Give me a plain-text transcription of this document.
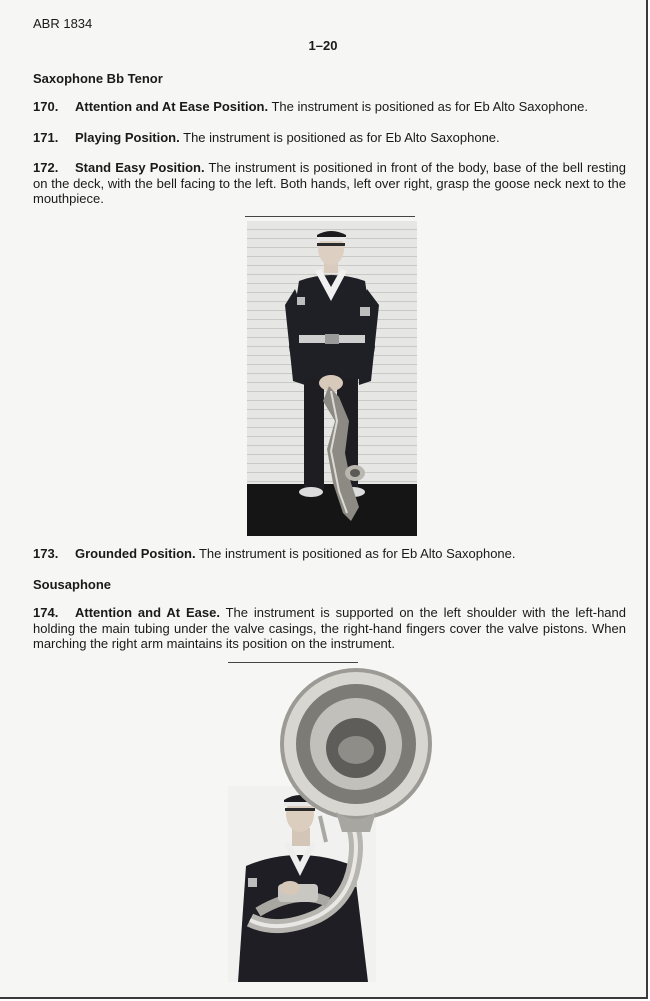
ABR 1834
1–20
Saxophone Bb Tenor

170. Attention and At Ease Position. The instrument is positioned as for Eb Alto Saxophone.

171. Playing Position. The instrument is positioned as for Eb Alto Saxophone.

172. Stand Easy Position. The instrument is positioned in front of the body, base of the bell resting on the deck, with the bell facing to the left. Both hands, left over right, grasp the goose neck next to the mouthpiece.

173. Grounded Position. The instrument is positioned as for Eb Alto Saxophone.

Sousaphone

174. Attention and At Ease. The instrument is supported on the left shoulder with the left-hand holding the main tubing under the valve casings, the right-hand fingers cover the valve pistons. When marching the right arm maintains its position on the instrument.
